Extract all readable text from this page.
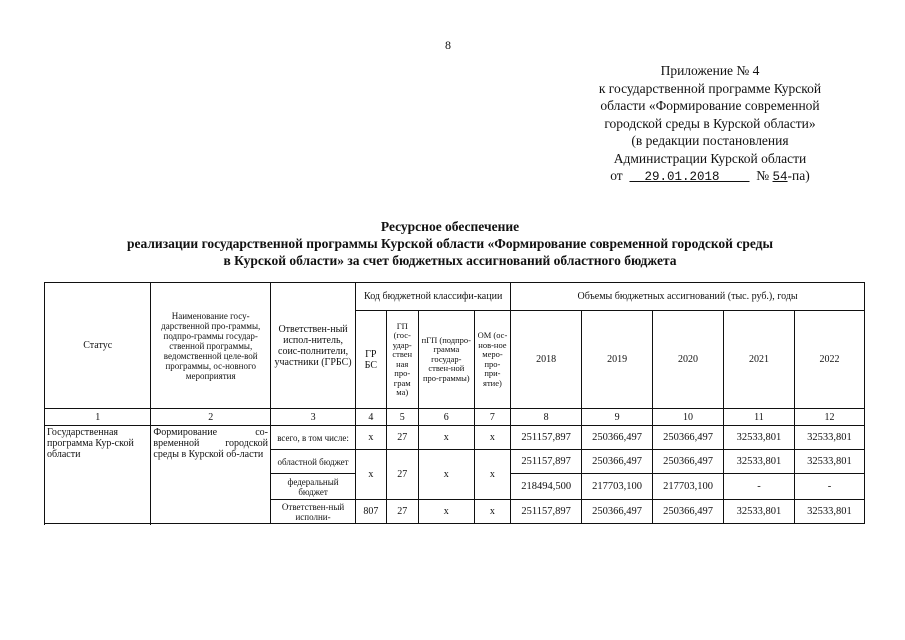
8
Приложение № 4
к государственной программе Курской
области «Формирование современной
городской среды в Курской области»
(в редакции постановления
Администрации Курской области
от 29.01.2018	№ 54-па)
Ресурсное обеспечение
реализации государственной программы Курской области «Формирование современной городской среды
в Курской области» за счет бюджетных ассигнований областного бюджета
Статус	Наименование госу-дарственной про-граммы, подпро-граммы государ-ственной программы, ведомственной целе-вой программы, ос-новного мероприятия	Ответствен-ный испол-нитель, соис-полнители, участники (ГРБС)	Код бюджетной классифи-кации				Объемы бюджетных ассигнований (тыс. руб.), годы				
			ГР БС	ГП (гос-удар-ствен ная про-грам ма)	пГП (подпро-грамма государ-ствен-ной про-граммы)	ОМ (ос-нов-ное меро-про-при-ятие)	2018	2019	2020	2021	2022
1	2	3	4	5	6	7	8	9	10	11	12
Государственная программа Кур-ской области	Формирование со-временной городской среды в Курской об-ласти	всего, в том числе:	x	27	x	x	251157,897	250366,497	250366,497	32533,801	32533,801
		областной бюджет	x	27	x	x	251157,897	250366,497	250366,497	32533,801	32533,801
		федеральный бюджет					218494,500	217703,100	217703,100	-	-
		Ответствен-ный исполни-	807	27	x	x	251157,897	250366,497	250366,497	32533,801	32533,801
